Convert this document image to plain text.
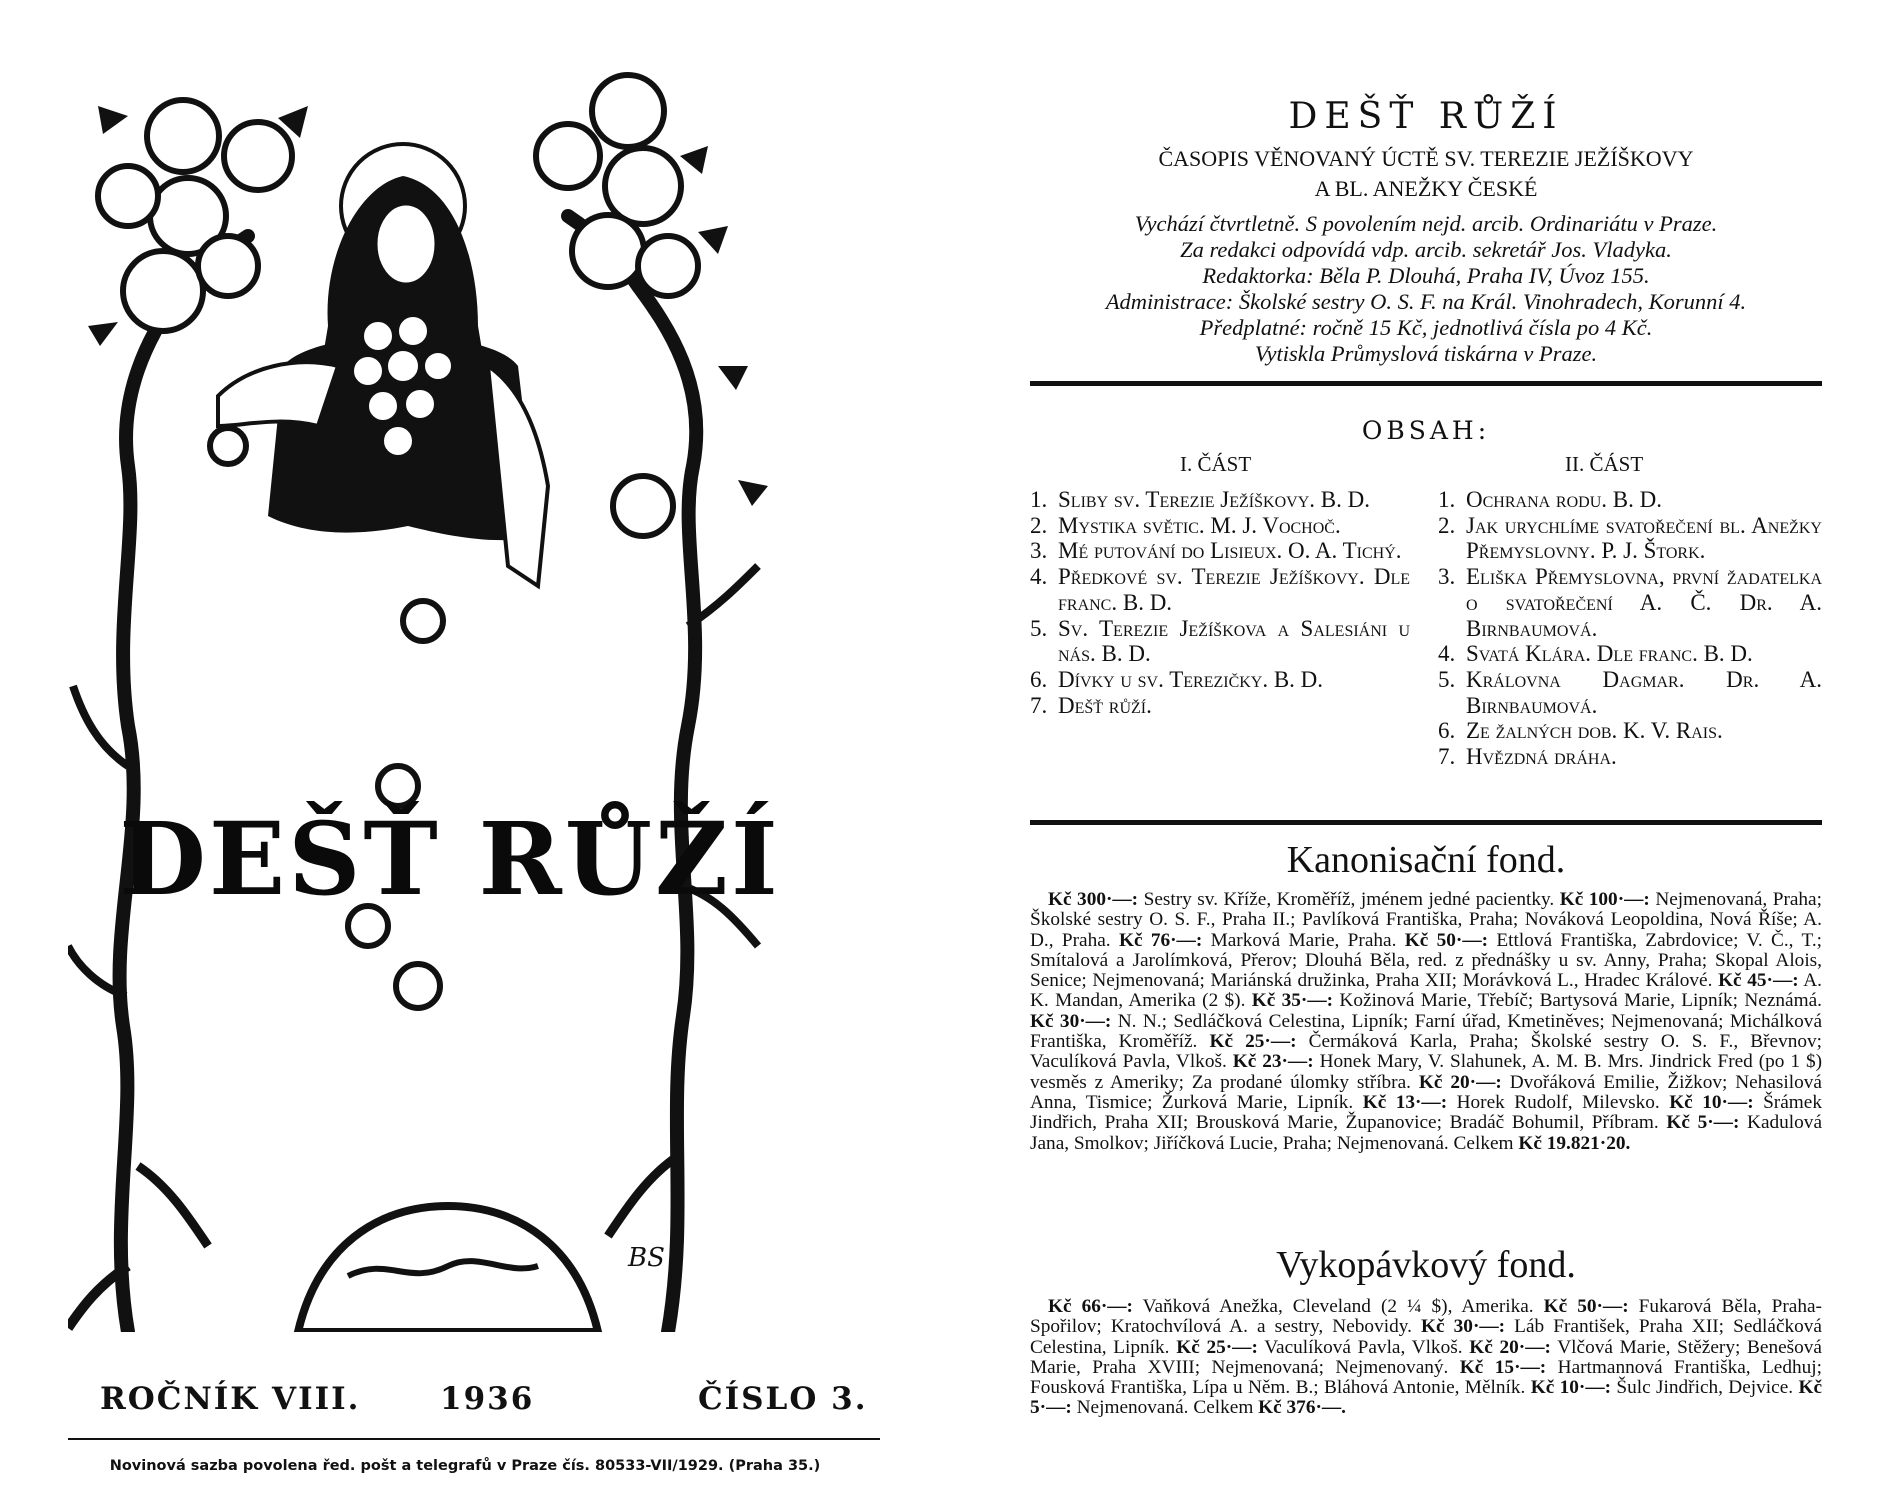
BS
DEŠŤ RŮŽÍ
ROČNÍK VIII.	1936	ČÍSLO 3.
Novinová sazba povolena řed. pošt a telegrafů v Praze čís. 80533-VII/1929. (Praha 35.)
DEŠŤ RŮŽÍ
ČASOPIS VĚNOVANÝ ÚCTĚ SV. TEREZIE JEŽÍŠKOVY
A BL. ANEŽKY ČESKÉ
Vychází čtvrtletně. S povolením nejd. arcib. Ordinariátu v Praze.
Za redakci odpovídá vdp. arcib. sekretář Jos. Vladyka.
Redaktorka: Běla P. Dlouhá, Praha IV, Úvoz 155.
Administrace: Školské sestry O. S. F. na Král. Vinohradech, Korunní 4.
Předplatné: ročně 15 Kč, jednotlivá čísla po 4 Kč.
Vytiskla Průmyslová tiskárna v Praze.
OBSAH:
I. ČÁST	II. ČÁST
1. Sliby sv. Terezie Ježíškovy. B. D.
2. Mystika světic. M. J. Vochoč.
3. Mé putování do Lisieux. O. A. Tichý.
4. Předkové sv. Terezie Ježíškovy. Dle franc. B. D.
5. Sv. Terezie Ježíškova a Salesiáni u nás. B. D.
6. Dívky u sv. Terezičky. B. D.
7. Dešť růží.
1. Ochrana rodu. B. D.
2. Jak urychlíme svatořečení bl. Anežky Přemyslovny. P. J. Štork.
3. Eliška Přemyslovna, první žadatelka o svatořečení A. Č. Dr. A. Birnbaumová.
4. Svatá Klára. Dle franc. B. D.
5. Královna Dagmar. Dr. A. Birnbaumová.
6. Ze žalných dob. K. V. Rais.
7. Hvězdná dráha.
Kanonisační fond.

Kč 300·—: Sestry sv. Kříže, Kroměříž, jménem jedné pacientky. Kč 100·—: Nejmenovaná, Praha; Školské sestry O. S. F., Praha II.; Pavlíková Františka, Praha; Nováková Leopoldina, Nová Říše; A. D., Praha. Kč 76·—: Marková Marie, Praha. Kč 50·—: Ettlová Františka, Zabrdovice; V. Č., T.; Smítalová a Jarolímková, Přerov; Dlouhá Běla, red. z přednášky u sv. Anny, Praha; Skopal Alois, Senice; Nejmenovaná; Mariánská družinka, Praha XII; Morávková L., Hradec Králové. Kč 45·—: A. K. Mandan, Amerika (2 $). Kč 35·—: Kožinová Marie, Třebíč; Bartysová Marie, Lipník; Neznámá. Kč 30·—: N. N.; Sedláčková Celestina, Lipník; Farní úřad, Kmetiněves; Nejmenovaná; Michálková Františka, Kroměříž. Kč 25·—: Čermáková Karla, Praha; Školské sestry O. S. F., Břevnov; Vaculíková Pavla, Vlkoš. Kč 23·—: Honek Mary, V. Slahunek, A. M. B. Mrs. Jindrick Fred (po 1 $) vesměs z Ameriky; Za prodané úlomky stříbra. Kč 20·—: Dvořáková Emilie, Žižkov; Nehasilová Anna, Tismice; Žurková Marie, Lipník. Kč 13·—: Horek Rudolf, Milevsko. Kč 10·—: Šrámek Jindřich, Praha XII; Brousková Marie, Županovice; Bradáč Bohumil, Příbram. Kč 5·—: Kadulová Jana, Smolkov; Jiříčková Lucie, Praha; Nejmenovaná. Celkem Kč 19.821·20.

Vykopávkový fond.

Kč 66·—: Vaňková Anežka, Cleveland (2 ¼ $), Amerika. Kč 50·—: Fukarová Běla, Praha-Spořilov; Kratochvílová A. a sestry, Nebovidy. Kč 30·—: Láb František, Praha XII; Sedláčková Celestina, Lipník. Kč 25·—: Vaculíková Pavla, Vlkoš. Kč 20·—: Vlčová Marie, Stěžery; Benešová Marie, Praha XVIII; Nejmenovaná; Nejmenovaný. Kč 15·—: Hartmannová Františka, Ledhuj; Fousková Františka, Lípa u Něm. B.; Bláhová Antonie, Mělník. Kč 10·—: Šulc Jindřich, Dejvice. Kč 5·—: Nejmenovaná. Celkem Kč 376·—.
